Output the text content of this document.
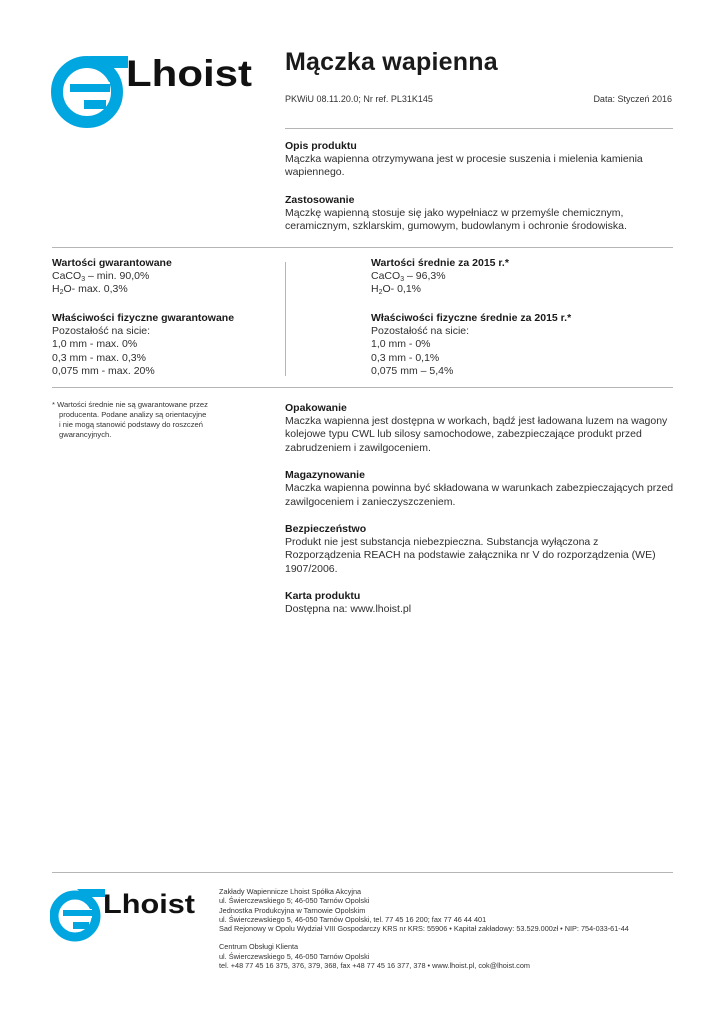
Lhoist Mączka wapienna
PKWiU 08.11.20.0; Nr ref. PL31K145	Data: Styczeń 2016
Opis produktu
Mączka wapienna otrzymywana jest w procesie suszenia i mielenia kamienia wapiennego.
Zastosowanie
Mączkę wapienną stosuje się jako wypełniacz w przemyśle chemicznym, ceramicznym, szklarskim, gumowym, budowlanym i ochronie środowiska.
Wartości gwarantowane
CaCO$_3$ – min. 90,0%
$H_2O-$ max. 0,3%
Właściwości fizyczne gwarantowane
Pozostałość na sicie:
1,0 mm - max. 0%
0,3 mm - max. 0,3%
0,075 mm - max. 20%
Wartości średnie za 2015 r.*
CaCO$_3$ – 96,3%
$H_2O-$ 0,1%
Właściwości fizyczne średnie za 2015 r.*
Pozostałość na sicie:
1,0 mm - 0%
0,3 mm - 0,1%
0,075 mm – 5,4%
* Wartości średnie nie są gwarantowane przez
producenta. Podane analizy są orientacyjne
i nie mogą stanowić podstawy do roszczeń
gwarancyjnych.
Opakowanie
Maczka wapienna jest dostępna w workach, bądź jest ładowana luzem na wagony kolejowe typu CWL lub silosy samochodowe, zabezpieczające produkt przed zabrudzeniem i zawilgoceniem.
Magazynowanie
Maczka wapienna powinna być składowana w warunkach zabezpieczających przed zawilgoceniem i zanieczyszczeniem.
Bezpieczeństwo
Produkt nie jest substancja niebezpieczna. Substancja wyłączona z Rozporządzenia REACH na podstawie załącznika nr V do rozporządzenia (WE) 1907/2006.
Karta produktu
Dostępna na: www.lhoist.pl
Lhoist	Zakłady Wapienniczе Lhoist Spółka Akcyjna
ul. Świerczewskiego 5; 46-050 Tarnów Opolski
Jednostka Produkcyjna w Tarnowie Opolskim
ul. Świerczewskiego 5, 46-050 Tarnów Opolski, tel. 77 45 16 200; fax 77 46 44 401
Sad Rejonowy w Opolu Wydział VIII Gospodarczy KRS nr KRS: 55906 • Kapitał zakładowy: 53.529.000zł • NIP: 754-033-61-44
Centrum Obsługi Klienta
ul. Świerczewskiego 5, 46-050 Tarnów Opolski
tel. +48 77 45 16 375, 376, 379, 368, fax +48 77 45 16 377, 378 • www.lhoist.pl, cok@lhoist.com
